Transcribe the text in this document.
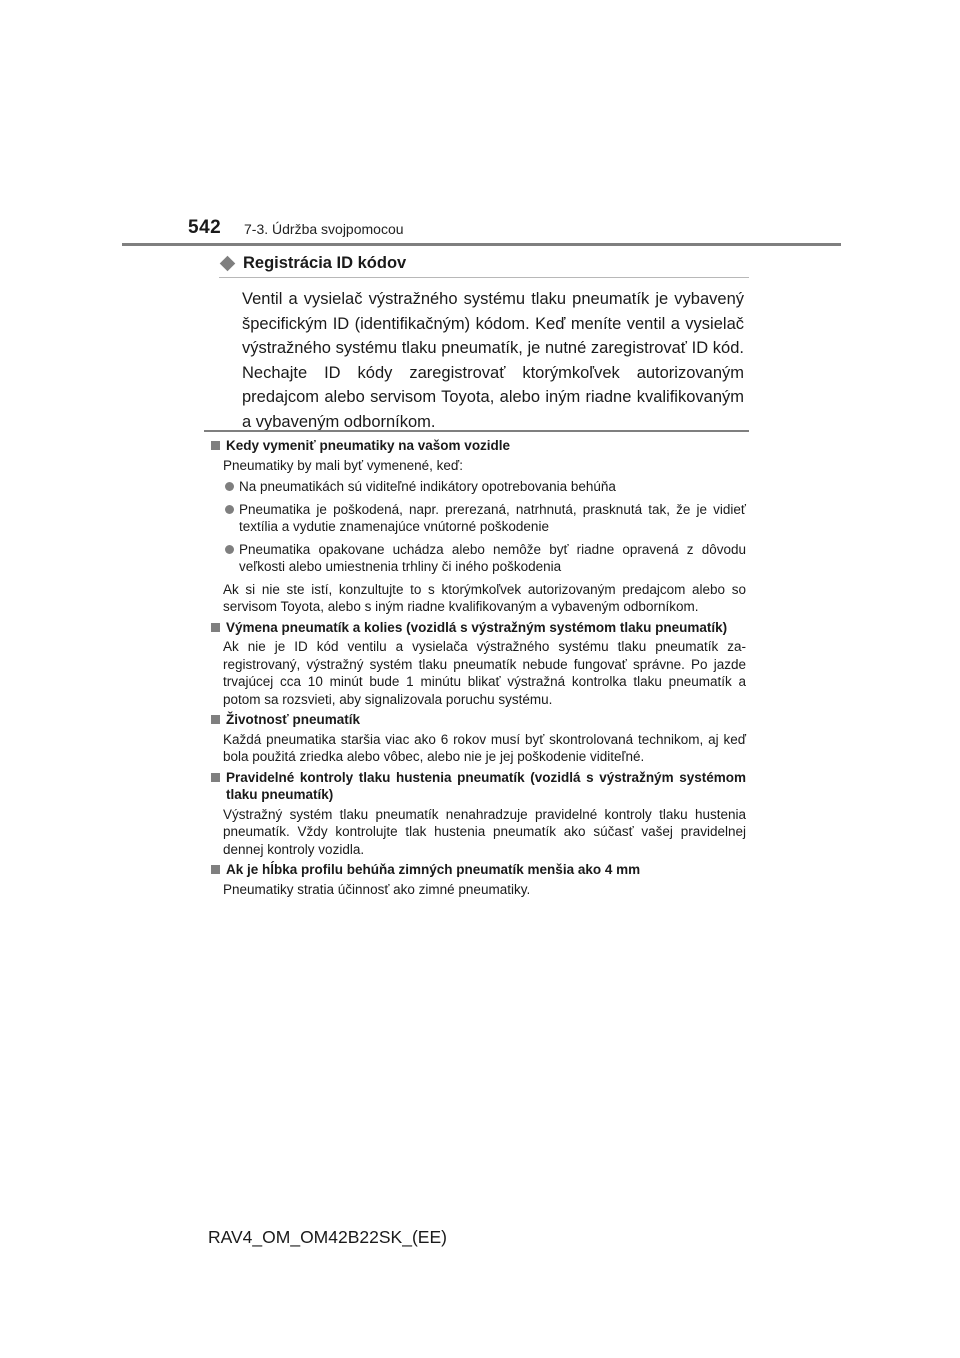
542 7-3. Údržba svojpomocou
Registrácia ID kódov
Ventil a vysielač výstražného systému tlaku pneumatík je vybavený špecifickým ID (identifikačným) kódom. Keď meníte ventil a vysielač výstražného systému tlaku pneumatík, je nutné zaregistrovať ID kód. Nechajte ID kódy zaregistrovať ktorýmkoľvek autorizovaným predajcom alebo servisom Toyota, alebo iným riadne kvalifikovaným a vybaveným odborníkom.
Kedy vymeniť pneumatiky na vašom vozidle
Pneumatiky by mali byť vymenené, keď:
Na pneumatikách sú viditeľné indikátory opotrebovania behúňa
Pneumatika je poškodená, napr. prerezaná, natrhnutá, prasknutá tak, že je vidieť textília a vydutie znamenajúce vnútorné poškodenie
Pneumatika opakovane uchádza alebo nemôže byť riadne opravená z dôvodu veľkosti alebo umiestnenia trhliny či iného poškodenia
Ak si nie ste istí, konzultujte to s ktorýmkoľvek autorizovaným predajcom alebo so servisom Toyota, alebo s iným riadne kvalifikovaným a vybaveným odborníkom.
Výmena pneumatík a kolies (vozidlá s výstražným systémom tlaku pneumatík)
Ak nie je ID kód ventilu a vysielača výstražného systému tlaku pneumatík zaregistrovaný, výstražný systém tlaku pneumatík nebude fungovať správne. Po jazde trvajúcej cca 10 minút bude 1 minútu blikať výstražná kontrolka tlaku pneumatík a potom sa rozsvieti, aby signalizovala poruchu systému.
Životnosť pneumatík
Každá pneumatika staršia viac ako 6 rokov musí byť skontrolovaná technikom, aj keď bola použitá zriedka alebo vôbec, alebo nie je jej poškodenie viditeľné.
Pravidelné kontroly tlaku hustenia pneumatík (vozidlá s výstražným systémom tlaku pneumatík)
Výstražný systém tlaku pneumatík nenahradzuje pravidelné kontroly tlaku hustenia pneumatík. Vždy kontrolujte tlak hustenia pneumatík ako súčasť vašej pravidelnej dennej kontroly vozidla.
Ak je hĺbka profilu behúňa zimných pneumatík menšia ako 4 mm
Pneumatiky stratia účinnosť ako zimné pneumatiky.
RAV4_OM_OM42B22SK_(EE)
